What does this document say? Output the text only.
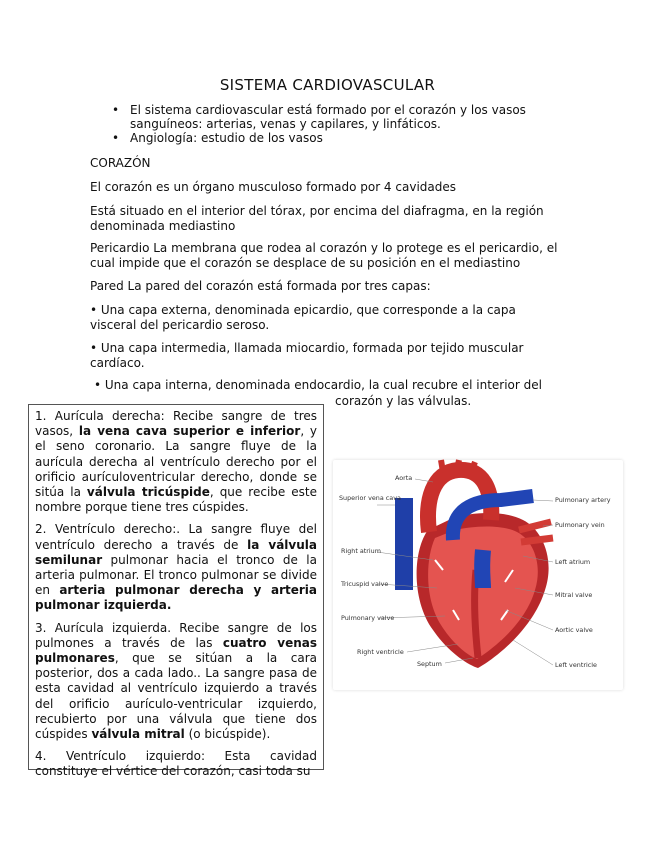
SISTEMA CARDIOVASCULAR
• El sistema cardiovascular está formado por el corazón y los vasos sanguíneos: arterias, venas y capilares, y linfáticos.
• Angiología: estudio de los vasos

CORAZÓN

El corazón es un órgano musculoso formado por 4 cavidades

Está situado en el interior del tórax, por encima del diafragma, en la región denominada mediastino

Pericardio La membrana que rodea al corazón y lo protege es el pericardio, el cual impide que el corazón se desplace de su posición en el mediastino

Pared La pared del corazón está formada por tres capas:

• Una capa externa, denominada epicardio, que corresponde a la capa visceral del pericardio seroso.

• Una capa intermedia, llamada miocardio, formada por tejido muscular cardíaco.

• Una capa interna, denominada endocardio, la cual recubre el interior del

corazón y las válvulas.

1. Aurícula derecha: Recibe sangre de tres vasos, la vena cava superior e inferior, y el seno coronario. La sangre fluye de la aurícula derecha al ventrículo derecho por el orificio aurículoventricular derecho, donde se sitúa la válvula tricúspide, que recibe este nombre porque tiene tres cúspides.

2. Ventrículo derecho:. La sangre fluye del ventrículo derecho a través de la válvula semilunar pulmonar hacia el tronco de la arteria pulmonar. El tronco pulmonar se divide en arteria pulmonar derecha y arteria pulmonar izquierda.

3. Aurícula izquierda. Recibe sangre de los pulmones a través de las cuatro venas pulmonares, que se sitúan a la cara posterior, dos a cada lado.. La sangre pasa de esta cavidad al ventrículo izquierdo a través del orificio aurículo-ventricular izquierdo, recubierto por una válvula que tiene dos cúspides válvula mitral (o bicúspide).

4. Ventrículo izquierdo: Esta cavidad constituye el vértice del corazón, casi toda su

Aorta
Superior vena cava
Right atrium
Tricuspid valve
Pulmonary valve
Right ventricle
Septum
Pulmonary artery
Pulmonary vein
Left atrium
Mitral valve
Aortic valve
Left ventricle
